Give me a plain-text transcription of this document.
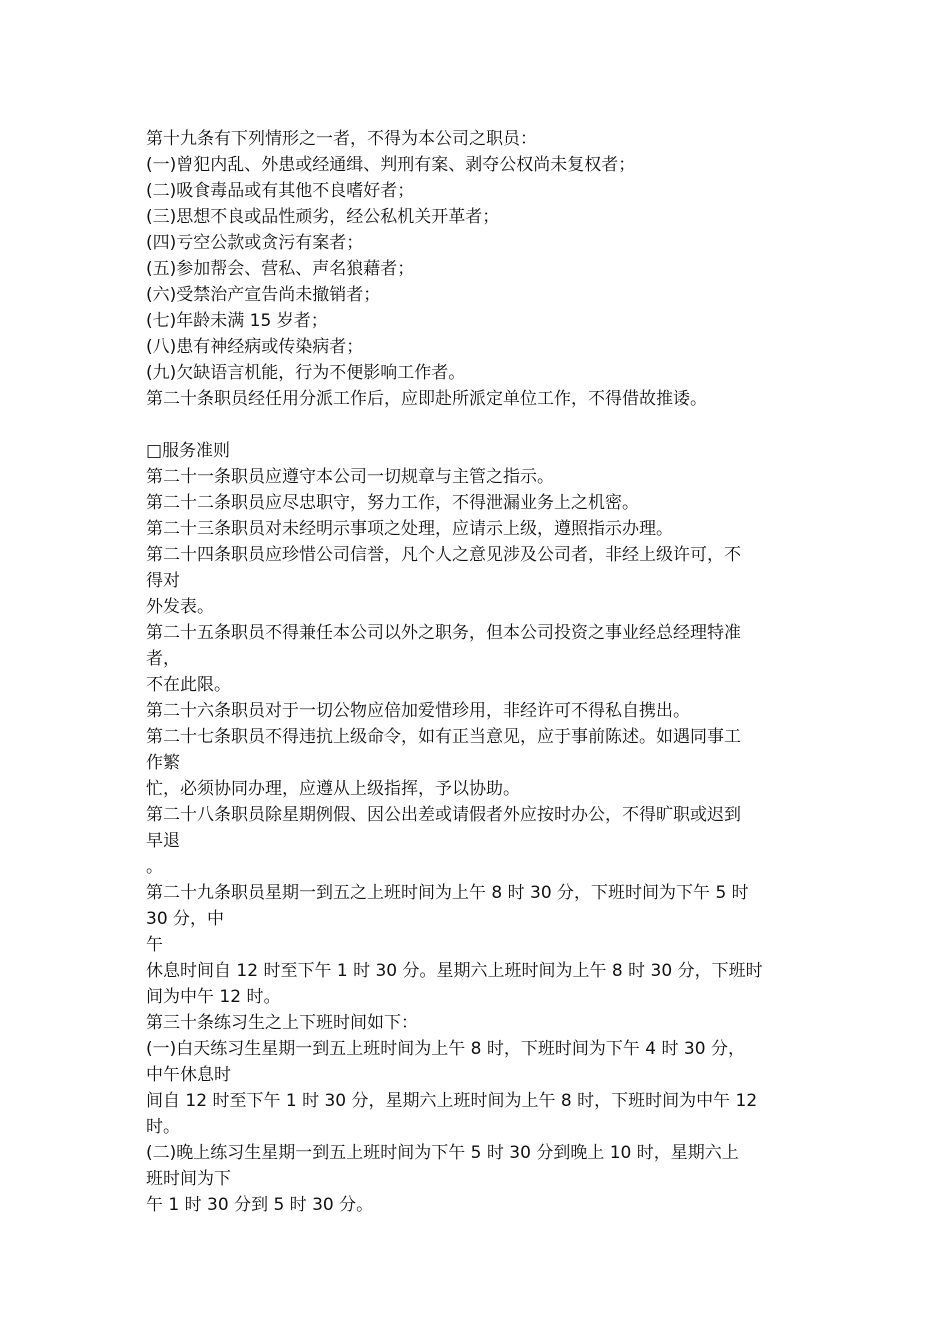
第十九条有下列情形之一者，不得为本公司之职员：
(一)曾犯内乱、外患或经通缉、判刑有案、剥夺公权尚未复权者；
(二)吸食毒品或有其他不良嗜好者；
(三)思想不良或品性顽劣，经公私机关开革者；
(四)亏空公款或贪污有案者；
(五)参加帮会、营私、声名狼藉者；
(六)受禁治产宣告尚未撤销者；
(七)年龄未满 15 岁者；
(八)患有神经病或传染病者；
(九)欠缺语言机能，行为不便影响工作者。
第二十条职员经任用分派工作后，应即赴所派定单位工作，不得借故推诿。
□服务准则
第二十一条职员应遵守本公司一切规章与主管之指示。
第二十二条职员应尽忠职守，努力工作，不得泄漏业务上之机密。
第二十三条职员对未经明示事项之处理，应请示上级，遵照指示办理。
第二十四条职员应珍惜公司信誉，凡个人之意见涉及公司者，非经上级许可，不
得对
外发表。
第二十五条职员不得兼任本公司以外之职务，但本公司投资之事业经总经理特准
者，
不在此限。
第二十六条职员对于一切公物应倍加爱惜珍用，非经许可不得私自携出。
第二十七条职员不得违抗上级命令，如有正当意见，应于事前陈述。如遇同事工
作繁
忙，必须协同办理，应遵从上级指挥，予以协助。
第二十八条职员除星期例假、因公出差或请假者外应按时办公，不得旷职或迟到
早退
。
第二十九条职员星期一到五之上班时间为上午 8 时 30 分，下班时间为下午 5 时
30 分，中
午
休息时间自 12 时至下午 1 时 30 分。星期六上班时间为上午 8 时 30 分，下班时
间为中午 12 时。
第三十条练习生之上下班时间如下：
(一)白天练习生星期一到五上班时间为上午 8 时，下班时间为下午 4 时 30 分，
中午休息时
间自 12 时至下午 1 时 30 分，星期六上班时间为上午 8 时，下班时间为中午 12
时。
(二)晚上练习生星期一到五上班时间为下午 5 时 30 分到晚上 10 时，星期六上
班时间为下
午 1 时 30 分到 5 时 30 分。
